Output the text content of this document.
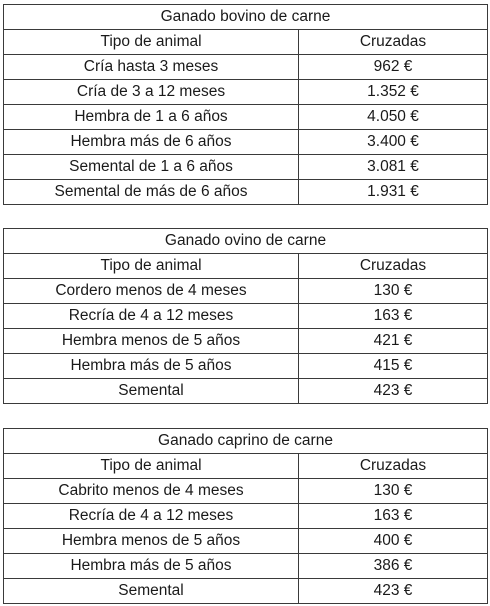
Ganado bovino de carne	
Tipo de animal	Cruzadas
Cría hasta 3 meses	962 €
Cría de 3 a 12 meses	1.352 €
Hembra de 1 a 6 años	4.050 €
Hembra más de 6 años	3.400 €
Semental de 1 a 6 años	3.081 €
Semental de más de 6 años	1.931 €
Ganado ovino de carne	
Tipo de animal	Cruzadas
Cordero menos de 4 meses	130 €
Recría de 4 a 12 meses	163 €
Hembra menos de 5 años	421 €
Hembra más de 5 años	415 €
Semental	423 €
Ganado caprino de carne	
Tipo de animal	Cruzadas
Cabrito menos de 4 meses	130 €
Recría de 4 a 12 meses	163 €
Hembra menos de 5 años	400 €
Hembra más de 5 años	386 €
Semental	423 €
